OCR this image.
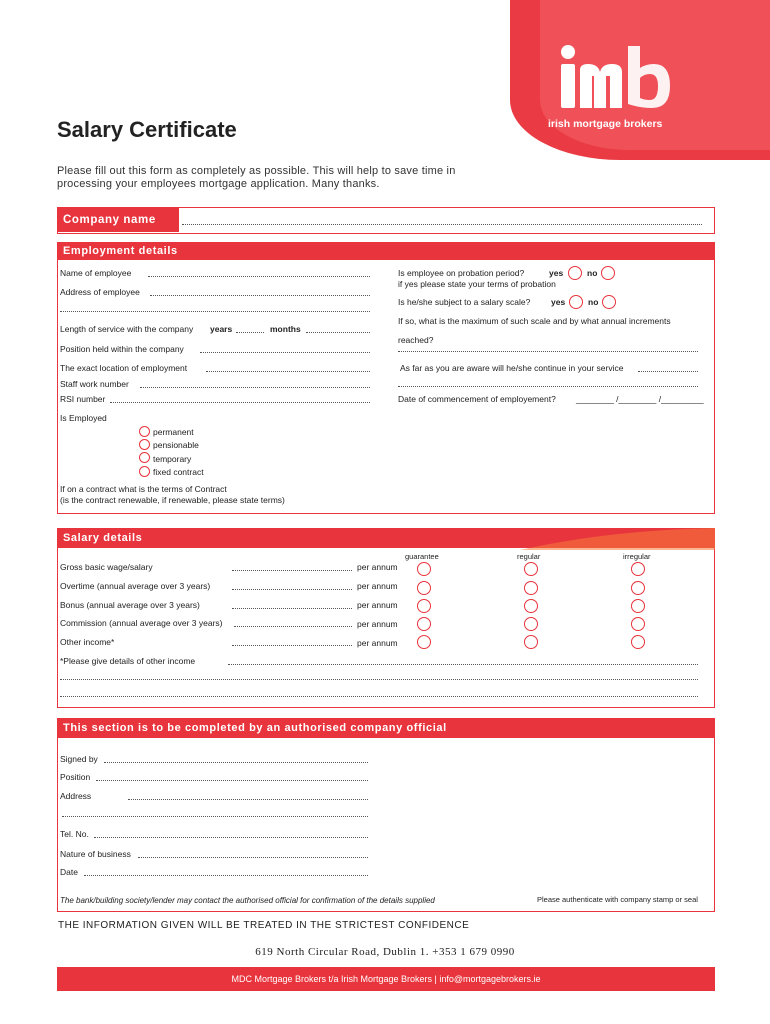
irish mortgage brokers
Salary Certificate
Please fill out this form as completely as possible. This will help to save time in processing your employees mortgage application. Many thanks.
Company name
Employment details
Name of employee
Address of employee
Length of service with the company years	months
Position held within the company
The exact location of employment
Staff work number
RSI number
Is Employed
permanent
pensionable
temporary
fixed contract
If on a contract what is the terms of Contract
(is the contract renewable, if renewable, please state terms)
Is employee on probation period?	yes	no
if yes please state your terms of probation
Is he/she subject to a salary scale? yes	no
If so, what is the maximum of such scale and by what annual increments
reached?
As far as you are aware will he/she continue in your service
Date of commencement of employement? ________ /________ /_________
Salary details
guarantee	regular	irregular
Gross basic wage/salary	per annum
Overtime (annual average over 3 years)	per annum
Bonus (annual average over 3 years)	per annum
Commission (annual average over 3 years)	per annum
Other income*	per annum
*Please give details of other income
This section is to be completed by an authorised company official
Signed by
Position
Address
Tel. No.
Nature of business
Date
The bank/building society/lender may contact the authorised official for confirmation of the details supplied	Please authenticate with company stamp or seal
THE INFORMATION GIVEN WILL BE TREATED IN THE STRICTEST CONFIDENCE
619 North Circular Road, Dublin 1. +353 1 679 0990
MDC Mortgage Brokers t/a Irish Mortgage Brokers | info@mortgagebrokers.ie
